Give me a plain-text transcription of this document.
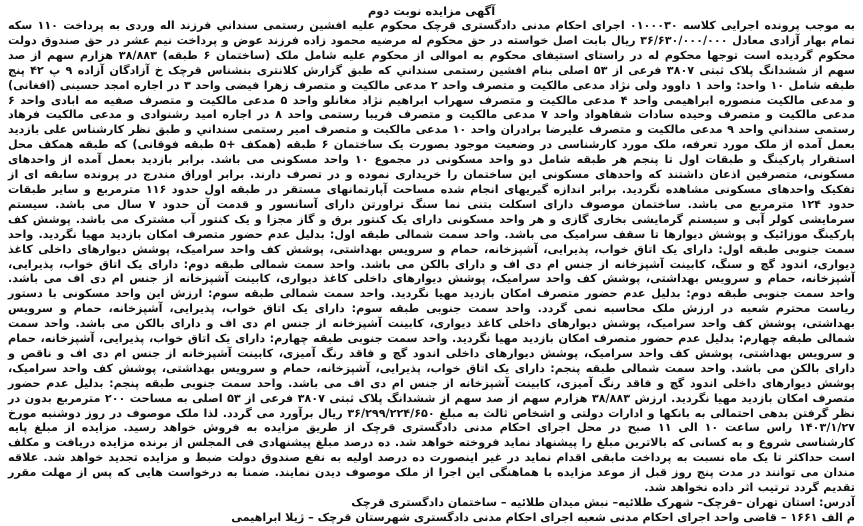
آگهی مزایده نوبت دوم

به موجب پرونده اجرایی کلاسه ۰۱۰۰۰۳۰ اجرای احکام مدنی دادگستری قرچک محکوم علیه افشین رستمی سنداني فرزند اله وردی به پرداخت ۱۱۰ سکه تمام بهار آزادی معادل ۳۶/۶۳۰/۰۰۰/۰۰۰ ریال بابت اصل خواسته در حق محکوم له مرضیه محمود زاده فرزند عوض و پرداخت نیم عشر در حق صندوق دولت محکوم گردیده است توجها محکوم له در راستای استیفای محکوم به اموالی از محکوم علیه شامل ملک (ساختمان ۶ طبقه) ۳۸/۸۸۳ هزارم سهم از صد سهم از ششدانگ پلاک ثبتی ۳۸۰۷ فرعی از ۵۳ اصلی بنام افشین رستمی سنداني که طبق گزارش کلانتری بنشناس قرچک خ آزادگان آزاده ۹ پ ۴۲ پنج طبقه شامل ۱۰ واحد: واحد ۱ داوود ولی نژاد مدعی مالکیت و متصرف واحد ۲ مدعی مالکیت و متصرف زهرا فیضی واحد ۳ در اجاره امجد حسینی (افغانی) و مدعی مالکیت منصوره ابراهیمی واحد ۴ مدعی مالکیت و متصرف سهراب ابراهیم نژاد مغانلو واحد ۵ مدعی مالکیت و متصرف صفیه مه ابادی واحد ۶ مدعی مالکیت و متصرف وحیده سادات شفاهواد واحد ۷ مدعی مالکیت و متصرف فریبا رستمی واحد ۸ در اجاره امید رشنوادی و مدعی مالکیت فرهاد رستمی سنداني واحد ۹ مدعی مالکیت و متصرف علیرضا برادران واحد ۱۰ مدعی مالکیت و متصرف امیر رستمی سنداني و طبق نظر کارشناس علی بازدید بعمل آمده از ملک مورد تعرفه، ملک مورد کارشناسی در وضعیت موجود بصورت یک ساختمان ۶ طبقه (همکف +۵ طبقه فوقانی) که طبقه همکف محل استقرار پارکینگ و طبقات اول تا پنجم هر طبقه شامل دو واحد مسکونی در مجموع ۱۰ واحد مسکونی می باشد. برابر بازدید بعمل آمده از واحدهای مسکونی، متصرفین اذعان داشتند که واحدهای مسکونی این ساختمان را خریداری نموده و در تصرف دارند. برابر اوراق مندرج در پرونده سابقه ای از تفکیک واحدهای مسکونی مشاهده نگردید. برابر اندازه گیریهای انجام شده مساحت آپارتمانهای مستقر در طبقه اول حدود ۱۱۶ مترمربع و سایر طبقات حدود ۱۲۴ مترمربع می باشد. ساختمان موصوف دارای اسکلت بتنی نما سنگ تراورتن دارای آسانسور و قدمت آن حدود ۷ سال می باشد. سیستم سرمایشی کولر آبی و سیستم گرمایشی بخاری گازی و هر واحد مسکونی دارای یک کنتور برق و گاز مجزا و یک کنتور آب مشترک می باشد. پوشش کف پارکینگ موزائیک و پوشش دیوارها تا سقف سرامیک می باشد. واحد سمت شمالی طبقه اول: بدلیل عدم حضور متصرف امکان بازدید مهیا نگردید. واحد سمت جنوبی طبقه اول: دارای یک اتاق خواب، پذیرایی، آشپزخانه، حمام و سرویس بهداشتی، پوشش کف واحد سرامیک، پوشش دیوارهای داخلی کاغذ دیواری، اندود گچ و سنگ، کابینت آشپزخانه از جنس ام دی اف و دارای بالکن می باشد. واحد سمت شمالی طبقه دوم: دارای یک اتاق خواب، پذیرایی، آشپزخانه، حمام و سرویس بهداشتی، پوشش کف واحد سرامیک، پوشش دیوارهای داخلی کاغذ دیواری، کابینت آشپزخانه از جنس ام دی اف می باشد. واحد سمت جنوبی طبقه دوم: بدلیل عدم حضور متصرف امکان بازدید مهیا نگردید. واحد سمت شمالی طبقه سوم: ارزش این واحد مسکونی با دستور ریاست محترم شعبه در ارزش ملک محاسبه نمی گردد. واحد سمت جنوبی طبقه سوم: دارای یک اتاق خواب، پذیرایی، آشپزخانه، حمام و سرویس بهداشتی، پوشش کف واحد سرامیک، پوشش دیوارهای داخلی کاغذ دیواری، کابینت آشپزخانه از جنس ام دی اف و دارای بالکن می باشد. واحد سمت شمالی طبقه چهارم: بدلیل عدم حضور متصرف امکان بازدید مهیا نگردید. واحد سمت جنوبی طبقه چهارم: دارای یک اتاق خواب، پذیرایی، آشپزخانه، حمام و سرویس بهداشتی، پوشش کف واحد سرامیک، پوشش دیوارهای داخلی اندود گچ و فاقد رنگ آمیزی، کابینت آشپزخانه از جنس ام دی اف و ناقص و دارای بالکن می باشد. واحد سمت شمالی طبقه پنجم: دارای یک اتاق خواب، پذیرایی، آشپزخانه، حمام و سرویس بهداشتی، پوشش کف واحد سرامیک، پوشش دیوارهای داخلی اندود گچ و فاقد رنگ آمیزی، کابینت آشپزخانه از جنس ام دی اف می باشد. واحد سمت جنوبی طبقه پنجم: بدلیل عدم حضور متصرف امکان بازدید مهیا نگردید. ارزش ۳۸/۸۸۳ هزارم سهم از صد سهم از ششدانگ پلاک ثبتی ۳۸۰۷ فرعی از ۵۳ اصلی به مساحت ۲۰۰ مترمربع بدون در نظر گرفتن بدهی احتمالی به بانکها و ادارات دولتی و اشخاص ثالث به مبلغ ۳۶/۲۹۹/۲۲۴/۶۵۰ ریال برآورد می گردد. لذا ملک موصوف در روز دوشنبه مورخ ۱۴۰۳/۱/۲۷ راس ساعت ۱۰ الی ۱۱ صبح در محل اجرای احکام مدنی دادگستری قرچک از طریق مزایده به فروش خواهد رسید. مزایده از مبلغ پایه کارشناسی شروع و به کسانی که بالاترین مبلغ را پیشنهاد نماید فروخته خواهد شد. ده درصد مبلغ پیشنهادی فی المجلس از برنده مزایده دریافت و مکلف است حداکثر تا یک ماه نسبت به پرداخت مابقی اقدام نماید در غیر اینصورت ده درصد اولیه به نفع صندوق دولت ضبط و مزایده تجدید خواهد شد. علاقه مندان می توانند در مدت پنج روز قبل از موعد مزایده با هماهنگی این اجرا از ملک موصوف دیدن نمایند. ضمنا به درخواست هایی که پس از مهلت مقرر تقدیم گردد ترتیب اثر داده نخواهد شد.

آدرس: استان تهران –قرچک– شهرک طلائیه– نبش میدان طلائیه – ساختمان دادگستری قرچک

م الف ۱۶۶۱ – قاضی واحد اجرای احکام مدنی شعبه اجرای احکام مدنی دادگستری شهرستان قرچک – ژیلا ابراهیمی
